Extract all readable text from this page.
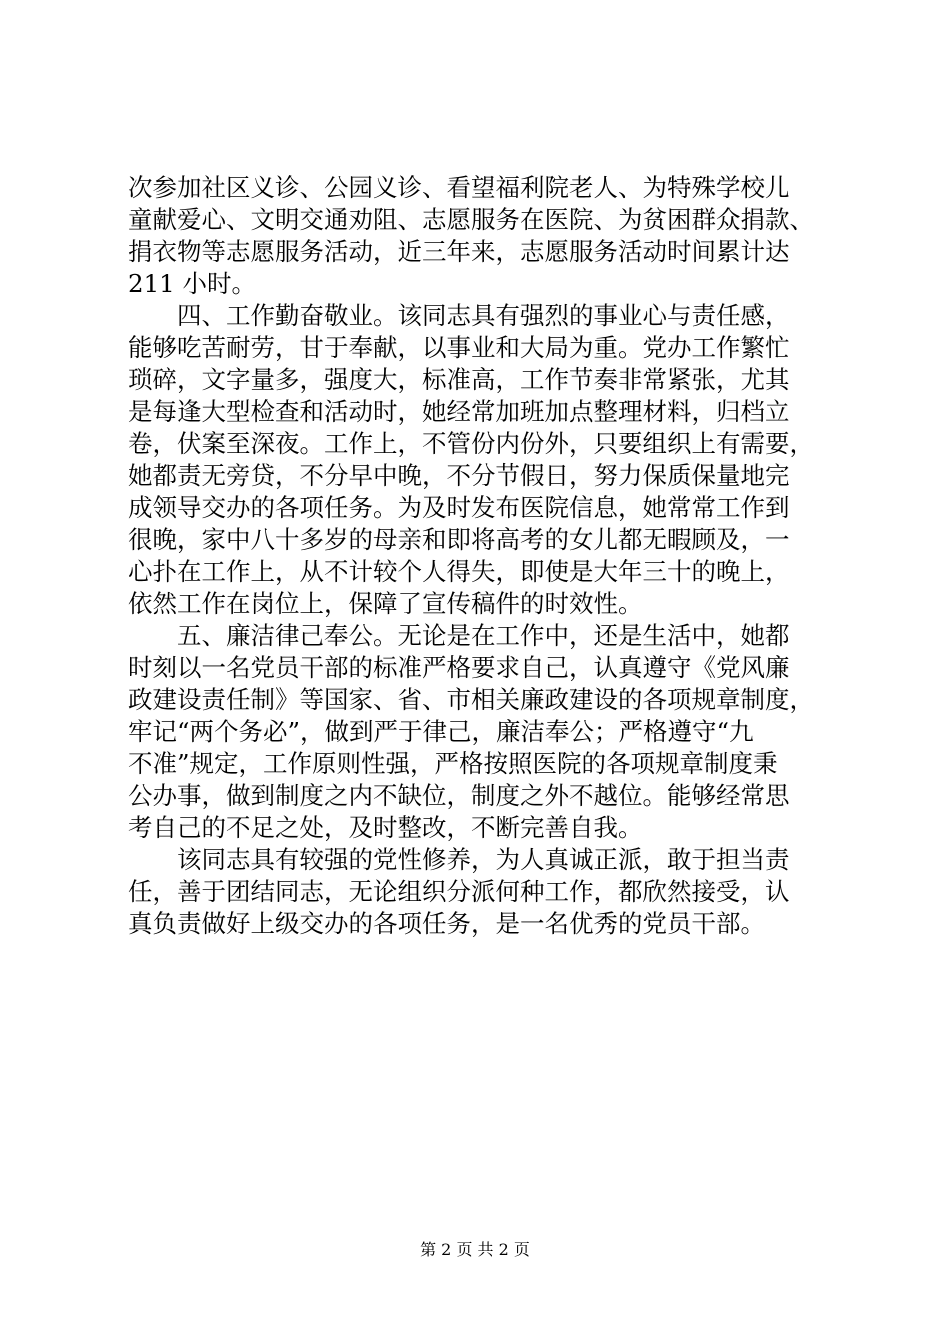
次参加社区义诊、公园义诊、看望福利院老人、为特殊学校儿
童献爱心、文明交通劝阻、志愿服务在医院、为贫困群众捐款、
捐衣物等志愿服务活动，近三年来，志愿服务活动时间累计达
211 小时。
四、工作勤奋敬业。该同志具有强烈的事业心与责任感，
能够吃苦耐劳，甘于奉献，以事业和大局为重。党办工作繁忙
琐碎，文字量多，强度大，标准高，工作节奏非常紧张，尤其
是每逢大型检查和活动时，她经常加班加点整理材料，归档立
卷，伏案至深夜。工作上，不管份内份外，只要组织上有需要，
她都责无旁贷，不分早中晚，不分节假日，努力保质保量地完
成领导交办的各项任务。为及时发布医院信息，她常常工作到
很晚，家中八十多岁的母亲和即将高考的女儿都无暇顾及，一
心扑在工作上，从不计较个人得失，即使是大年三十的晚上，
依然工作在岗位上，保障了宣传稿件的时效性。
五、廉洁律己奉公。无论是在工作中，还是生活中，她都
时刻以一名党员干部的标准严格要求自己，认真遵守《党风廉
政建设责任制》等国家、省、市相关廉政建设的各项规章制度，
牢记“两个务必”，做到严于律己，廉洁奉公；严格遵守“九
不准”规定，工作原则性强，严格按照医院的各项规章制度秉
公办事，做到制度之内不缺位，制度之外不越位。能够经常思
考自己的不足之处，及时整改，不断完善自我。
该同志具有较强的党性修养，为人真诚正派，敢于担当责
任，善于团结同志，无论组织分派何种工作，都欣然接受，认
真负责做好上级交办的各项任务，是一名优秀的党员干部。
第 2 页 共 2 页
